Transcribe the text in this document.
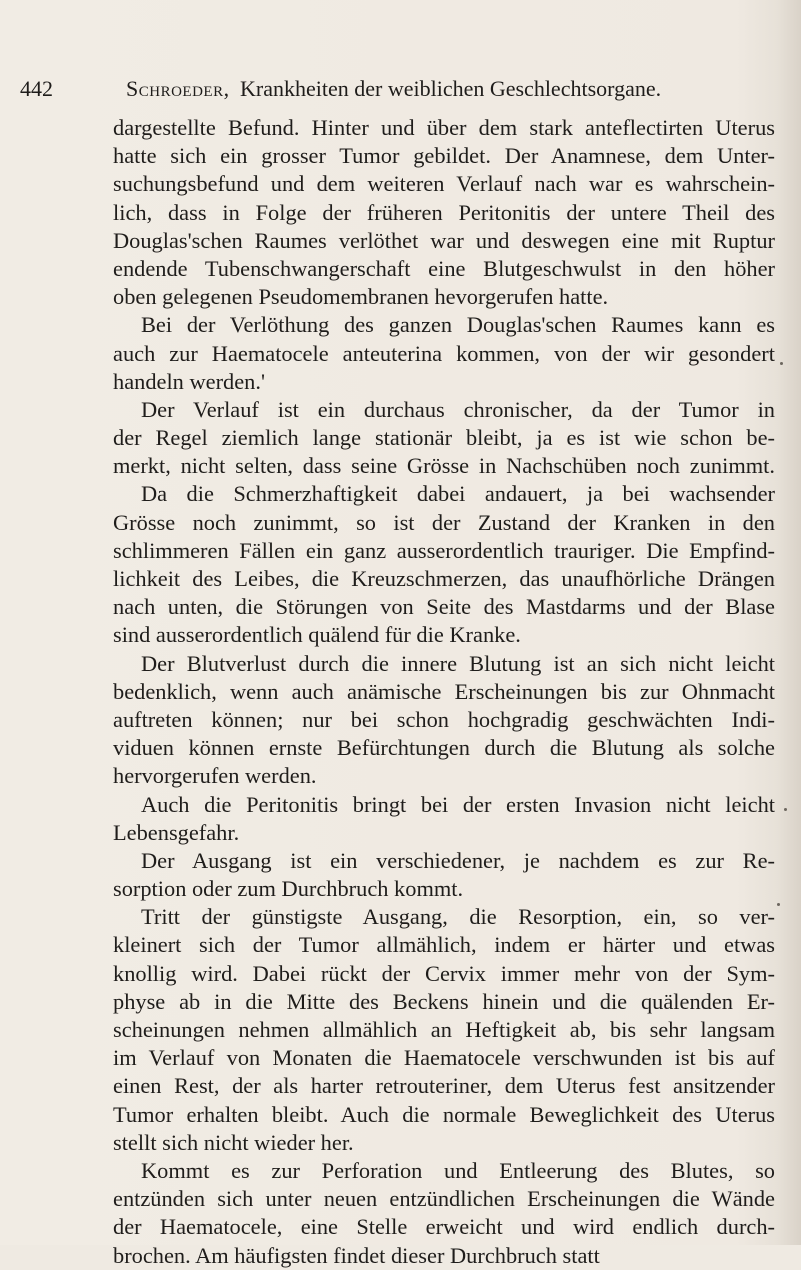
442	Schroeder, Krankheiten der weiblichen Geschlechtsorgane.
dargestellte Befund. Hinter und über dem stark anteflectirten Uterus
hatte sich ein grosser Tumor gebildet. Der Anamnese, dem Unter-
suchungsbefund und dem weiteren Verlauf nach war es wahrschein-
lich, dass in Folge der früheren Peritonitis der untere Theil des
Douglas'schen Raumes verlöthet war und deswegen eine mit Ruptur
endende Tubenschwangerschaft eine Blutgeschwulst in den höher
oben gelegenen Pseudomembranen hevorgerufen hatte.
Bei der Verlöthung des ganzen Douglas'schen Raumes kann es
auch zur Haematocele anteuterina kommen, von der wir gesondert
handeln werden.'
Der Verlauf ist ein durchaus chronischer, da der Tumor in
der Regel ziemlich lange stationär bleibt, ja es ist wie schon be-
merkt, nicht selten, dass seine Grösse in Nachschüben noch zunimmt.
Da die Schmerzhaftigkeit dabei andauert, ja bei wachsender
Grösse noch zunimmt, so ist der Zustand der Kranken in den
schlimmeren Fällen ein ganz ausserordentlich trauriger. Die Empfind-
lichkeit des Leibes, die Kreuzschmerzen, das unaufhörliche Drängen
nach unten, die Störungen von Seite des Mastdarms und der Blase
sind ausserordentlich quälend für die Kranke.
Der Blutverlust durch die innere Blutung ist an sich nicht leicht
bedenklich, wenn auch anämische Erscheinungen bis zur Ohnmacht
auftreten können; nur bei schon hochgradig geschwächten Indi-
viduen können ernste Befürchtungen durch die Blutung als solche
hervorgerufen werden.
Auch die Peritonitis bringt bei der ersten Invasion nicht leicht
Lebensgefahr.
Der Ausgang ist ein verschiedener, je nachdem es zur Re-
sorption oder zum Durchbruch kommt.
Tritt der günstigste Ausgang, die Resorption, ein, so ver-
kleinert sich der Tumor allmählich, indem er härter und etwas
knollig wird. Dabei rückt der Cervix immer mehr von der Sym-
physe ab in die Mitte des Beckens hinein und die quälenden Er-
scheinungen nehmen allmählich an Heftigkeit ab, bis sehr langsam
im Verlauf von Monaten die Haematocele verschwunden ist bis auf
einen Rest, der als harter retrouteriner, dem Uterus fest ansitzender
Tumor erhalten bleibt. Auch die normale Beweglichkeit des Uterus
stellt sich nicht wieder her.
Kommt es zur Perforation und Entleerung des Blutes, so
entzünden sich unter neuen entzündlichen Erscheinungen die Wände
der Haematocele, eine Stelle erweicht und wird endlich durch-
brochen. Am häufigsten findet dieser Durchbruch statt
